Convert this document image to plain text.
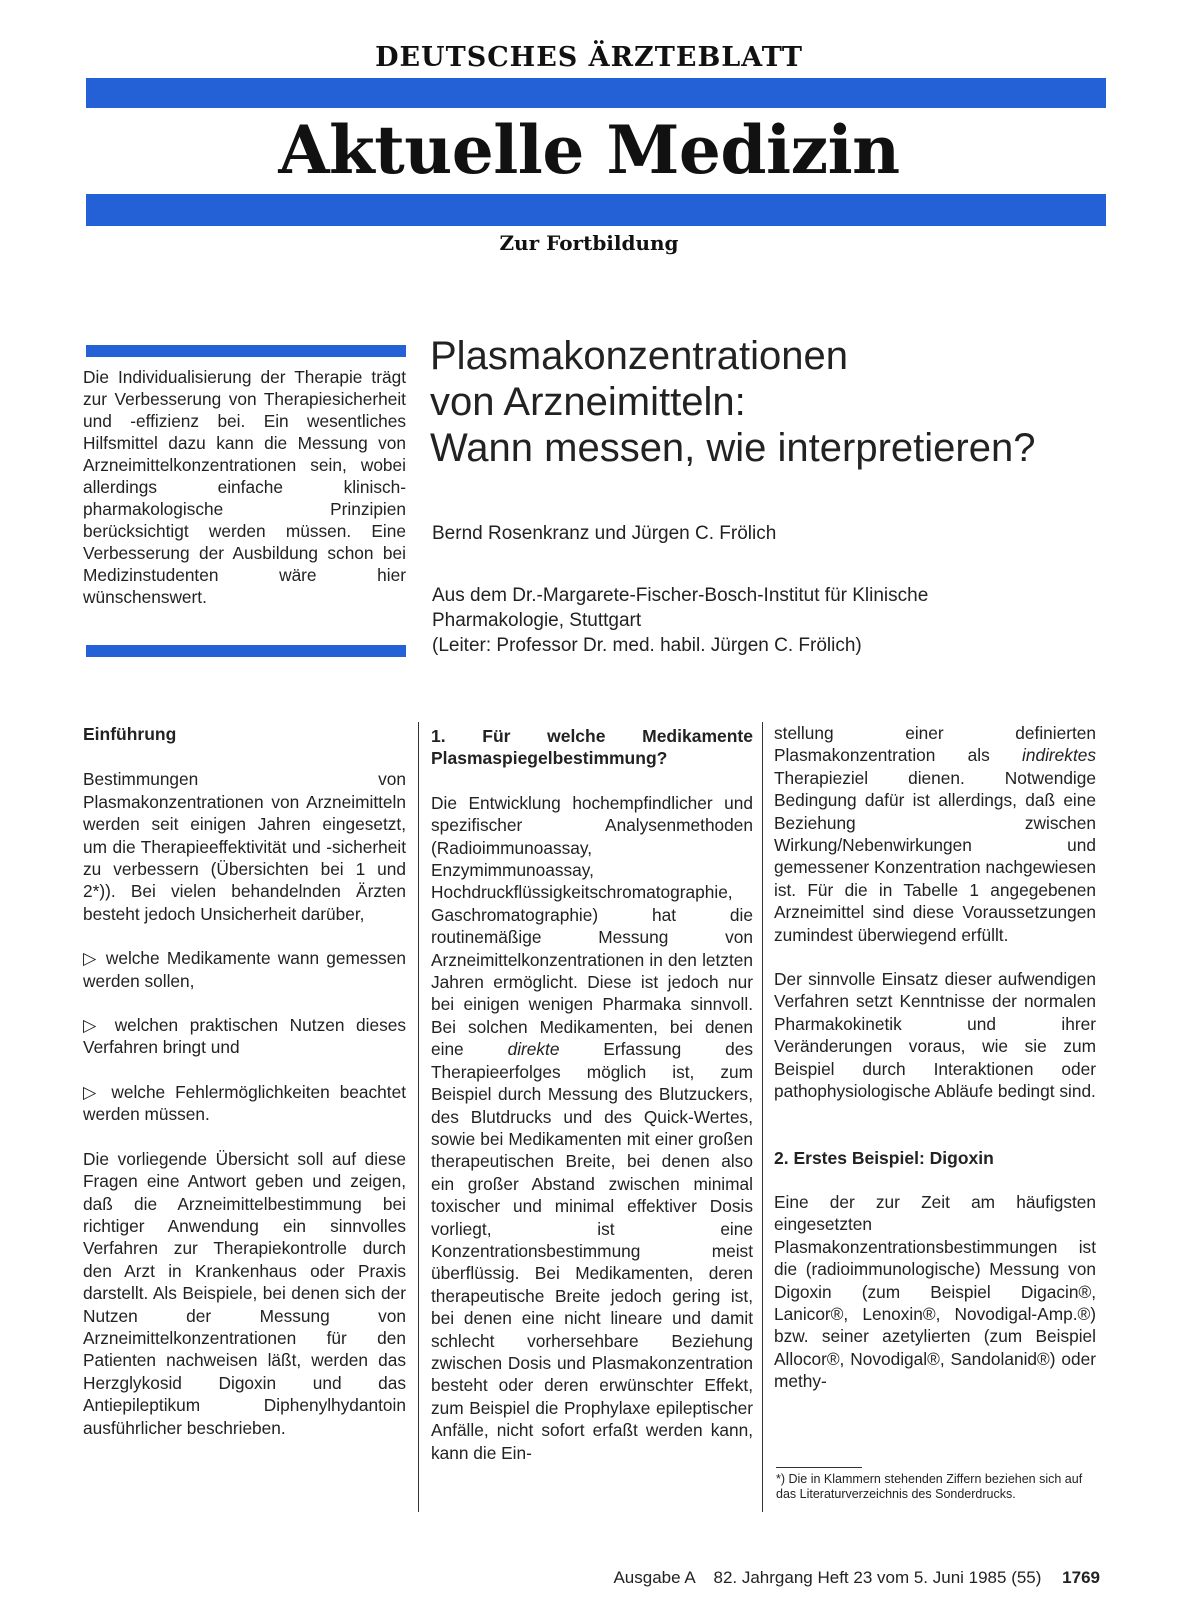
DEUTSCHES ÄRZTEBLATT
Aktuelle Medizin
Zur Fortbildung

Die Individualisierung der Therapie trägt zur Verbesserung von Therapiesicherheit und -effizienz bei. Ein wesentliches Hilfsmittel dazu kann die Messung von Arzneimittelkonzentrationen sein, wobei allerdings einfache klinisch-pharmakologische Prinzipien berücksichtigt werden müssen. Eine Verbesserung der Ausbildung schon bei Medizinstudenten wäre hier wünschenswert.

Plasmakonzentrationen
von Arzneimitteln:
Wann messen, wie interpretieren?
Bernd Rosenkranz und Jürgen C. Frölich
Aus dem Dr.-Margarete-Fischer-Bosch-Institut für Klinische
Pharmakologie, Stuttgart
(Leiter: Professor Dr. med. habil. Jürgen C. Frölich)
Einführung

Bestimmungen von Plasmakonzentrationen von Arzneimitteln werden seit einigen Jahren eingesetzt, um die Therapieeffektivität und -sicherheit zu verbessern (Übersichten bei 1 und 2*)). Bei vielen behandelnden Ärzten besteht jedoch Unsicherheit darüber,

▷ welche Medikamente wann gemessen werden sollen,

▷ welchen praktischen Nutzen dieses Verfahren bringt und

▷ welche Fehlermöglichkeiten beachtet werden müssen.

Die vorliegende Übersicht soll auf diese Fragen eine Antwort geben und zeigen, daß die Arzneimittelbestimmung bei richtiger Anwendung ein sinnvolles Verfahren zur Therapiekontrolle durch den Arzt in Krankenhaus oder Praxis darstellt. Als Beispiele, bei denen sich der Nutzen der Messung von Arzneimittelkonzentrationen für den Patienten nachweisen läßt, werden das Herzglykosid Digoxin und das Antiepileptikum Diphenylhydantoin ausführlicher beschrieben.

1. Für welche Medikamente Plasmaspiegelbestimmung?

Die Entwicklung hochempfindlicher und spezifischer Analysenmethoden (Radioimmunoassay, Enzymimmunoassay, Hochdruckflüssigkeitschromatographie, Gaschromatographie) hat die routinemäßige Messung von Arzneimittelkonzentrationen in den letzten Jahren ermöglicht. Diese ist jedoch nur bei einigen wenigen Pharmaka sinnvoll. Bei solchen Medikamenten, bei denen eine direkte Erfassung des Therapieerfolges möglich ist, zum Beispiel durch Messung des Blutzuckers, des Blutdrucks und des Quick-Wertes, sowie bei Medikamenten mit einer großen therapeutischen Breite, bei denen also ein großer Abstand zwischen minimal toxischer und minimal effektiver Dosis vorliegt, ist eine Konzentrationsbestimmung meist überflüssig. Bei Medikamenten, deren therapeutische Breite jedoch gering ist, bei denen eine nicht lineare und damit schlecht vorhersehbare Beziehung zwischen Dosis und Plasmakonzentration besteht oder deren erwünschter Effekt, zum Beispiel die Prophylaxe epileptischer Anfälle, nicht sofort erfaßt werden kann, kann die Ein-

stellung einer definierten Plasmakonzentration als indirektes Therapieziel dienen. Notwendige Bedingung dafür ist allerdings, daß eine Beziehung zwischen Wirkung/Nebenwirkungen und gemessener Konzentration nachgewiesen ist. Für die in Tabelle 1 angegebenen Arzneimittel sind diese Voraussetzungen zumindest überwiegend erfüllt.

Der sinnvolle Einsatz dieser aufwendigen Verfahren setzt Kenntnisse der normalen Pharmakokinetik und ihrer Veränderungen voraus, wie sie zum Beispiel durch Interaktionen oder pathophysiologische Abläufe bedingt sind.

2. Erstes Beispiel: Digoxin

Eine der zur Zeit am häufigsten eingesetzten Plasmakonzentrationsbestimmungen ist die (radioimmunologische) Messung von Digoxin (zum Beispiel Digacin®, Lanicor®, Lenoxin®, Novodigal-Amp.®) bzw. seiner azetylierten (zum Beispiel Allocor®, Novodigal®, Sandolanid®) oder methy-

*) Die in Klammern stehenden Ziffern beziehen sich auf das Literaturverzeichnis des Sonderdrucks.

Ausgabe A 82. Jahrgang Heft 23 vom 5. Juni 1985 (55) 1769
